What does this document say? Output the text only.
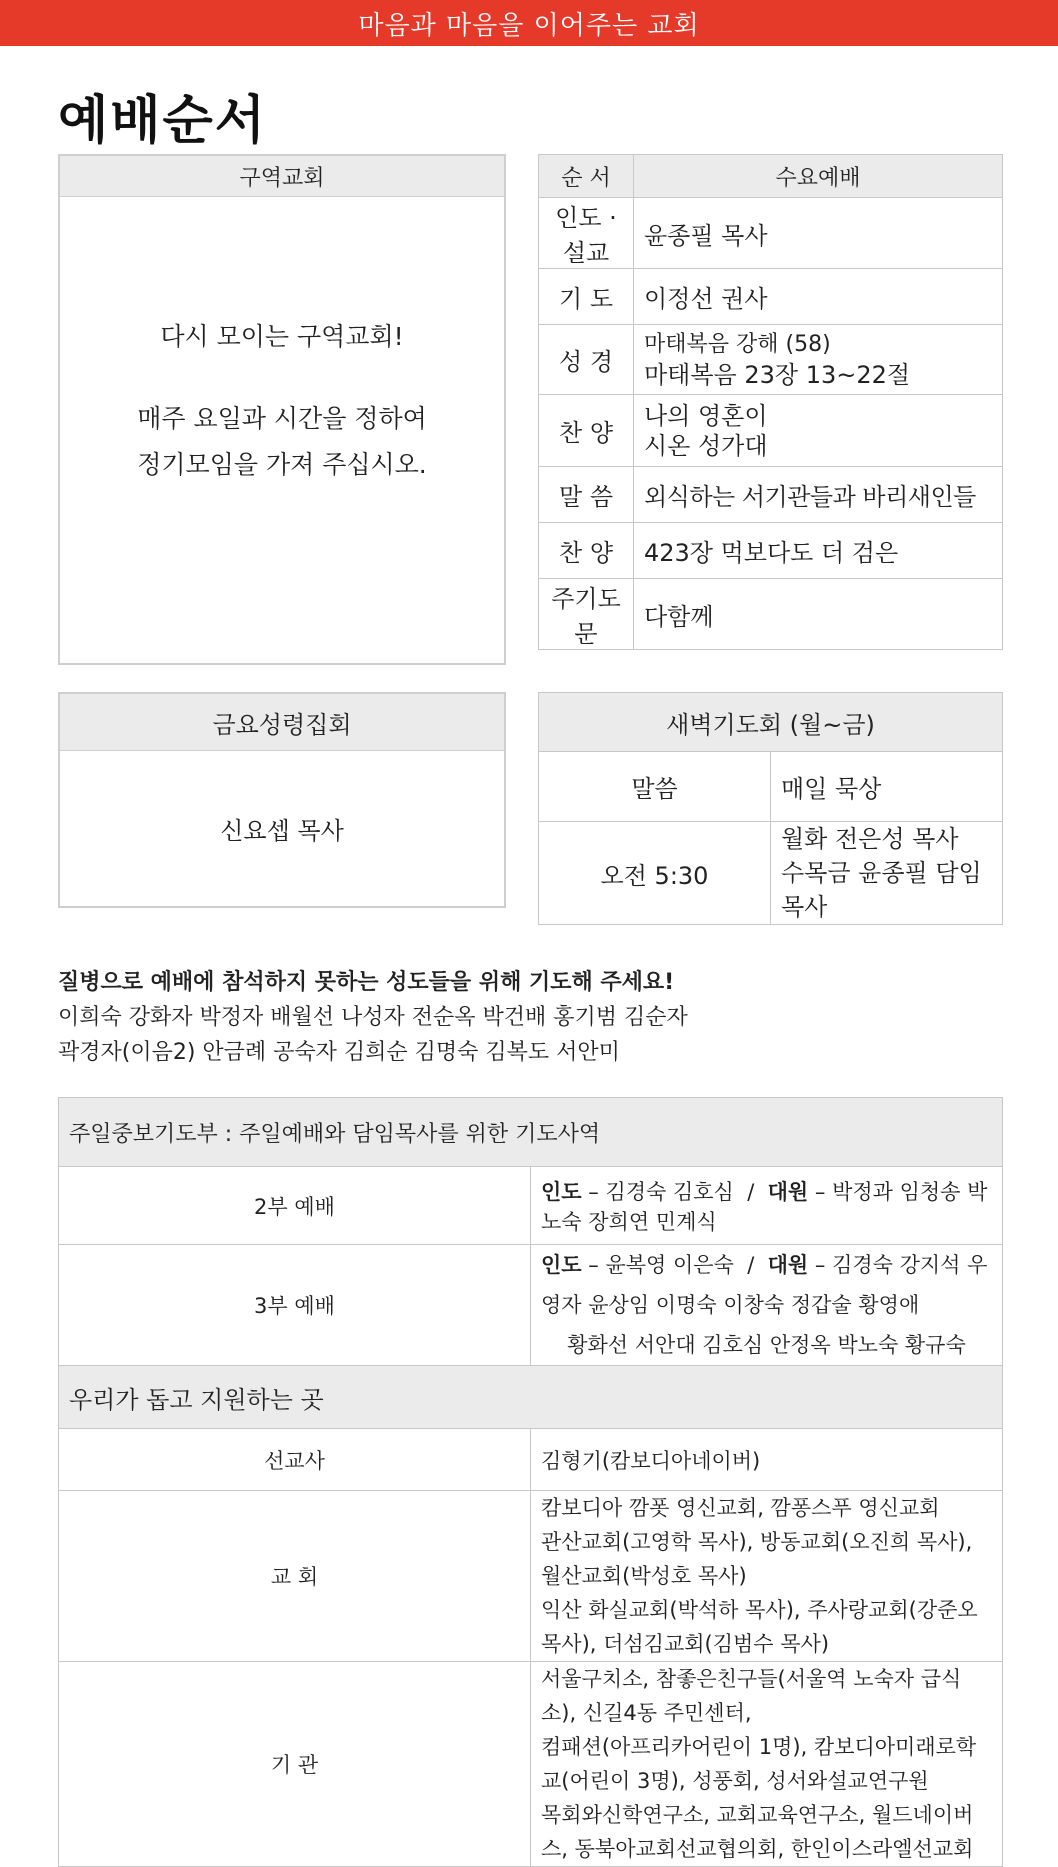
마음과 마음을 이어주는 교회
예배순서
구역교회
다시 모이는 구역교회!
매주 요일과 시간을 정하여
정기모임을 가져 주십시오.
순 서	수요예배
인도 · 설교	윤종필 목사
기 도	이정선 권사
성 경	마태복음 강해 (58)
마태복음 23장 13~22절

찬 양	나의 영혼이
시온 성가대

말 씀	외식하는 서기관들과 바리새인들
찬 양	423장 먹보다도 더 검은
주기도문	다함께
금요성령집회
신요셉 목사
새벽기도회 (월~금)	
말씀	매일 묵상
오전 5:30	월화 전은성 목사
수목금 윤종필 담임목사
질병으로 예배에 참석하지 못하는 성도들을 위해 기도해 주세요!
이희숙 강화자 박정자 배월선 나성자 전순옥 박건배 홍기범 김순자
곽경자(이음2) 안금례 공숙자 김희순 김명숙 김복도 서안미
주일중보기도부 : 주일예배와 담임목사를 위한 기도사역	
2부 예배	인도 – 김경숙 김호심  /  대원 – 박정과 임청송 박노숙 장희연 민계식
3부 예배	인도 – 윤복영 이은숙  /  대원 – 김경숙 강지석 우영자 윤상임 이명숙 이창숙 정갑술 황영애
황화선 서안대 김호심 안정옥 박노숙 황규숙

우리가 돕고 지원하는 곳	
선교사	김형기(캄보디아네이버)
교 회	캄보디아 깜폿 영신교회, 깜퐁스푸 영신교회
관산교회(고영학 목사), 방동교회(오진희 목사), 월산교회(박성호 목사)
익산 화실교회(박석하 목사), 주사랑교회(강준오 목사), 더섬김교회(김범수 목사)

기 관	서울구치소, 참좋은친구들(서울역 노숙자 급식소), 신길4동 주민센터,
컴패션(아프리카어린이 1명), 캄보디아미래로학교(어린이 3명), 성풍회, 성서와설교연구원
목회와신학연구소, 교회교육연구소, 월드네이버스, 동북아교회선교협의회, 한인이스라엘선교회
